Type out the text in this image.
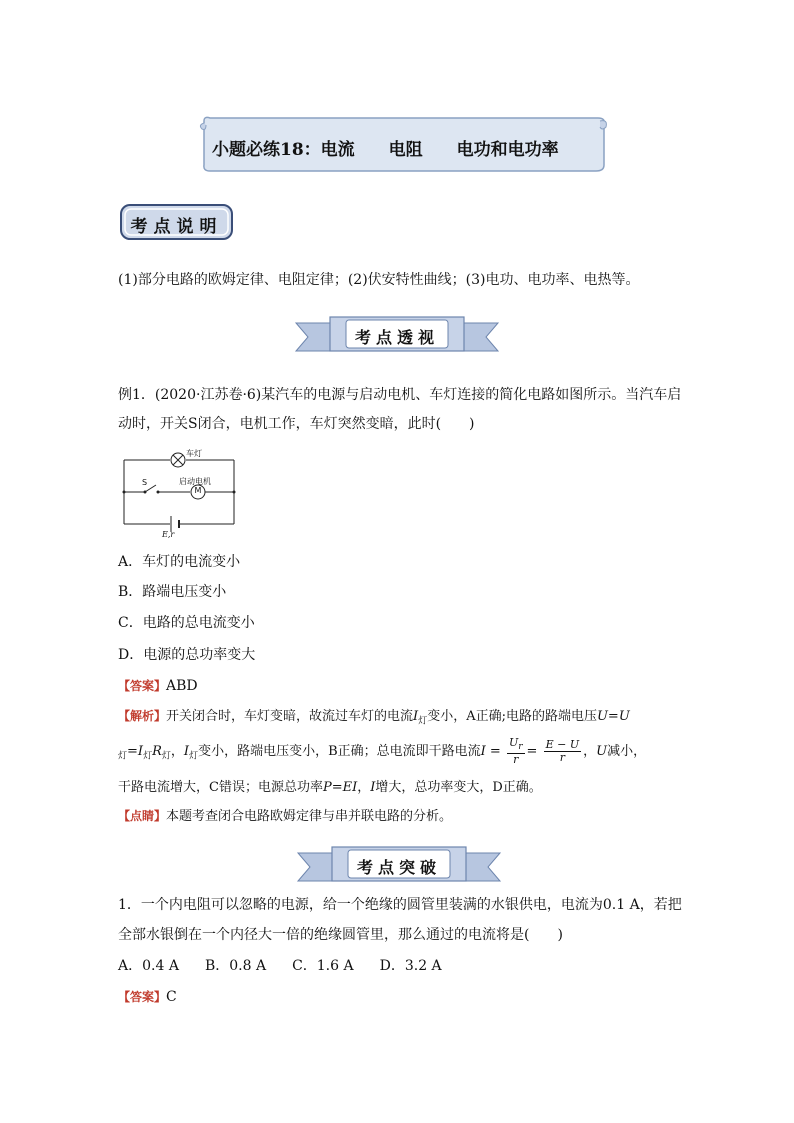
小题必练18：电流　　电阻　　电功和电功率
考点说明
(1)部分电路的欧姆定律、电阻定律；(2)伏安特性曲线；(3)电功、电功率、电热等。
考点透视
例1．(2020·江苏卷·6)某汽车的电源与启动电机、车灯连接的简化电路如图所示。当汽车启
动时，开关S闭合，电机工作，车灯突然变暗，此时(　　)
车灯
启动电机
M
S
E,r
A．车灯的电流变小
B．路端电压变小
C．电路的总电流变小
D．电源的总功率变大
【答案】ABD
【解析】开关闭合时，车灯变暗，故流过车灯的电流$I_灯$变小，A正确;电路的路端电压U=U
$_灯=I_灯R_灯$，$I_灯$变小，路端电压变小，B正确；总电流即干路电流$I = \frac{U_r}{r} = \frac{E - U}{r}$ ，U减小，
干路电流增大，C错误；电源总功率P=EI，I增大，总功率变大，D正确。
【点睛】本题考查闭合电路欧姆定律与串并联电路的分析。
考点突破
1．一个内电阻可以忽略的电源，给一个绝缘的圆管里装满的水银供电，电流为0.1 A，若把
全部水银倒在一个内径大一倍的绝缘圆管里，那么通过的电流将是(　　)
A．0.4 A B．0.8 A C．1.6 A D．3.2 A
【答案】C
